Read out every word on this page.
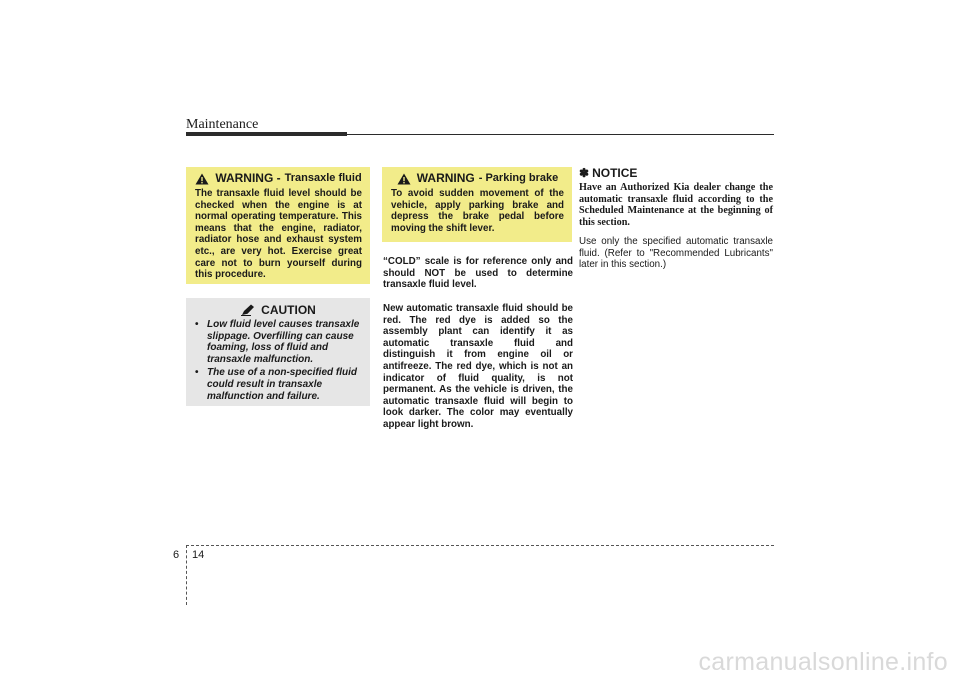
Maintenance
WARNING - Transaxle fluid
The transaxle fluid level should be checked when the engine is at normal operating temperature. This means that the engine, radiator, radiator hose and exhaust system etc., are very hot. Exercise great care not to burn yourself during this procedure.
CAUTION
• Low fluid level causes transaxle slippage. Overfilling can cause foaming, loss of fluid and transaxle malfunction.
• The use of a non-specified fluid could result in transaxle malfunction and failure.
WARNING - Parking brake
To avoid sudden movement of the vehicle, apply parking brake and depress the brake pedal before moving the shift lever.
“COLD” scale is for reference only and should NOT be used to determine transaxle fluid level.
New automatic transaxle fluid should be red. The red dye is added so the assembly plant can identify it as automatic transaxle fluid and distinguish it from engine oil or antifreeze. The red dye, which is not an indicator of fluid quality, is not permanent. As the vehicle is driven, the automatic transaxle fluid will begin to look darker. The color may eventually appear light brown.
✽ NOTICE
Have an Authorized Kia dealer change the automatic transaxle fluid according to the Scheduled Maintenance at the beginning of this section.
Use only the specified automatic transaxle fluid. (Refer to "Recommended Lubricants" later in this section.)
6 14
carmanualsonline.info
